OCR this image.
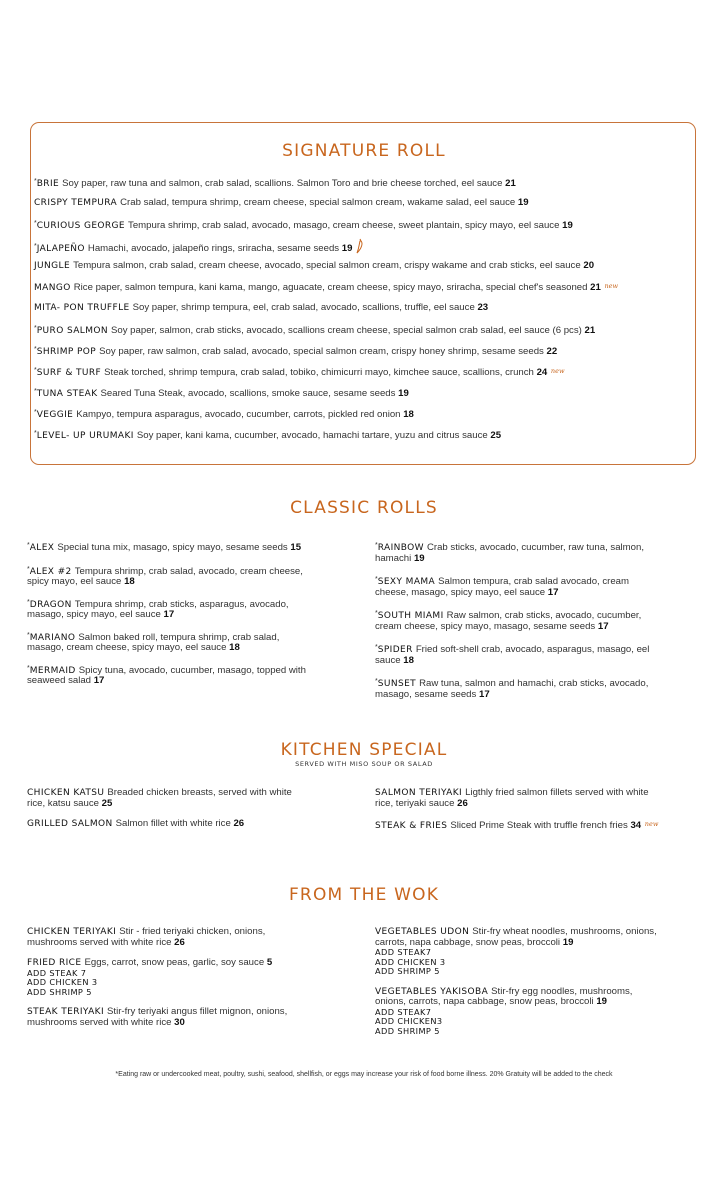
SIGNATURE ROLL
*BRIE Soy paper, raw tuna and salmon, crab salad, scallions. Salmon Toro and brie cheese torched, eel sauce 21
CRISPY TEMPURA Crab salad, tempura shrimp, cream cheese, special salmon cream, wakame salad, eel sauce 19
*CURIOUS GEORGE Tempura shrimp, crab salad, avocado, masago, cream cheese, sweet plantain, spicy mayo, eel sauce 19
*JALAPEÑO Hamachi, avocado, jalapeño rings, sriracha, sesame seeds 19
JUNGLE Tempura salmon, crab salad, cream cheese, avocado, special salmon cream, crispy wakame and crab sticks, eel sauce 20
MANGO Rice paper, salmon tempura, kani kama, mango, aguacate, cream cheese, spicy mayo, sriracha, special chef's seasoned 21 $^{new}$
MITA- PON TRUFFLE Soy paper, shrimp tempura, eel, crab salad, avocado, scallions, truffle, eel sauce 23
*PURO SALMON Soy paper, salmon, crab sticks, avocado, scallions cream cheese, special salmon crab salad, eel sauce (6 pcs) 21
*SHRIMP POP Soy paper, raw salmon, crab salad, avocado, special salmon cream, crispy honey shrimp, sesame seeds 22
*SURF & TURF Steak torched, shrimp tempura, crab salad, tobiko, chimicurri mayo, kimchee sauce, scallions, crunch 24 $^{new}$
*TUNA STEAK Seared Tuna Steak, avocado, scallions, smoke sauce, sesame seeds 19
*VEGGIE Kampyo, tempura asparagus, avocado, cucumber, carrots, pickled red onion 18
*LEVEL- UP URUMAKI Soy paper, kani kama, cucumber, avocado, hamachi tartare, yuzu and citrus sauce 25
CLASSIC ROLLS
*ALEX Special tuna mix, masago, spicy mayo, sesame seeds 15
*ALEX #2 Tempura shrimp, crab salad, avocado, cream cheese,
spicy mayo, eel sauce 18
*DRAGON Tempura shrimp, crab sticks, asparagus, avocado,
masago, spicy mayo, eel sauce 17
*MARIANO Salmon baked roll, tempura shrimp, crab salad,
masago, cream cheese, spicy mayo, eel sauce 18
*MERMAID Spicy tuna, avocado, cucumber, masago, topped with
seaweed salad 17
*RAINBOW Crab sticks, avocado, cucumber, raw tuna, salmon,
hamachi 19
*SEXY MAMA Salmon tempura, crab salad avocado, cream
cheese, masago, spicy mayo, eel sauce 17
*SOUTH MIAMI Raw salmon, crab sticks, avocado, cucumber,
cream cheese, spicy mayo, masago, sesame seeds 17
*SPIDER Fried soft-shell crab, avocado, asparagus, masago, eel
sauce 18
*SUNSET Raw tuna, salmon and hamachi, crab sticks, avocado,
masago, sesame seeds 17
KITCHEN SPECIAL
SERVED WITH MISO SOUP OR SALAD
CHICKEN KATSU Breaded chicken breasts, served with white
rice, katsu sauce 25
GRILLED SALMON Salmon fillet with white rice 26
SALMON TERIYAKI Ligthly fried salmon fillets served with white
rice, teriyaki sauce 26
STEAK & FRIES Sliced Prime Steak with truffle french fries 34 $^{new}$
FROM THE WOK
CHICKEN TERIYAKI Stir - fried teriyaki chicken, onions,
mushrooms served with white rice 26
FRIED RICE Eggs, carrot, snow peas, garlic, soy sauce 5
ADD STEAK 7
ADD CHICKEN 3
ADD SHRIMP 5
STEAK TERIYAKI Stir-fry teriyaki angus fillet mignon, onions,
mushrooms served with white rice 30
VEGETABLES UDON Stir-fry wheat noodles, mushrooms, onions,
carrots, napa cabbage, snow peas, broccoli 19
ADD STEAK7
ADD CHICKEN 3
ADD SHRIMP 5
VEGETABLES YAKISOBA Stir-fry egg noodles, mushrooms,
onions, carrots, napa cabbage, snow peas, broccoli 19
ADD STEAK7
ADD CHICKEN3
ADD SHRIMP 5
*Eating raw or undercooked meat, poultry, sushi, seafood, shellfish, or eggs may increase your risk of food borne illness. 20% Gratuity will be added to the check
